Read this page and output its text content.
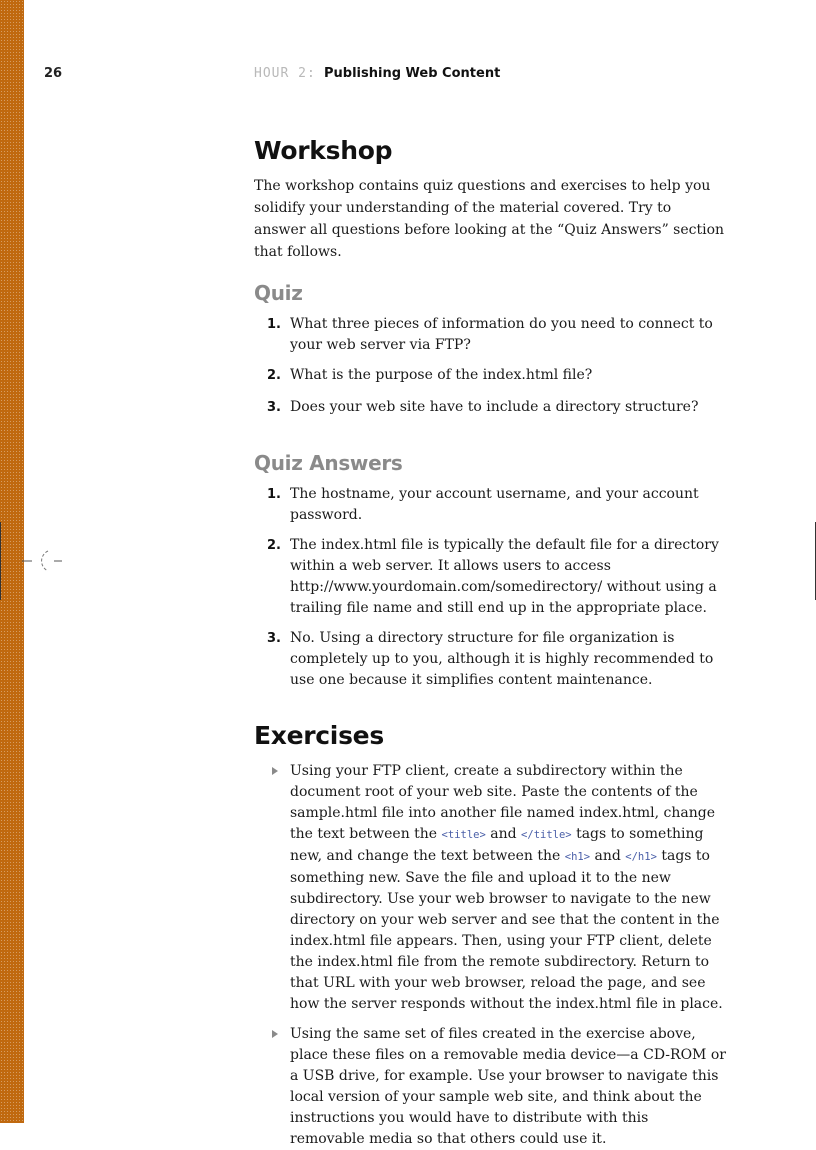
26	HOUR 2: Publishing Web Content
Workshop

The workshop contains quiz questions and exercises to help you solidify your understanding of the material covered. Try to answer all questions before looking at the “Quiz Answers” section that follows.

Quiz
1. What three pieces of information do you need to connect to your web server via FTP?
2. What is the purpose of the index.html file?
3. Does your web site have to include a directory structure?
Quiz Answers
1. The hostname, your account username, and your account password.
2. The index.html file is typically the default file for a directory within a web server. It allows users to access http://www.yourdomain.com/somedirectory/ without using a trailing file name and still end up in the appropriate place.
3. No. Using a directory structure for file organization is completely up to you, although it is highly recommended to use one because it simplifies content maintenance.
Exercises
Using your FTP client, create a subdirectory within the document root of your web site. Paste the contents of the sample.html file into another file named index.html, change the text between the <title> and </title> tags to something new, and change the text between the <h1> and </h1> tags to something new. Save the file and upload it to the new subdirectory. Use your web browser to navigate to the new directory on your web server and see that the content in the index.html file appears. Then, using your FTP client, delete the index.html file from the remote subdirectory. Return to that URL with your web browser, reload the page, and see how the server responds without the index.html file in place.
Using the same set of files created in the exercise above, place these files on a removable media device—a CD-ROM or a USB drive, for example. Use your browser to navigate this local version of your sample web site, and think about the instructions you would have to distribute with this removable media so that others could use it.
